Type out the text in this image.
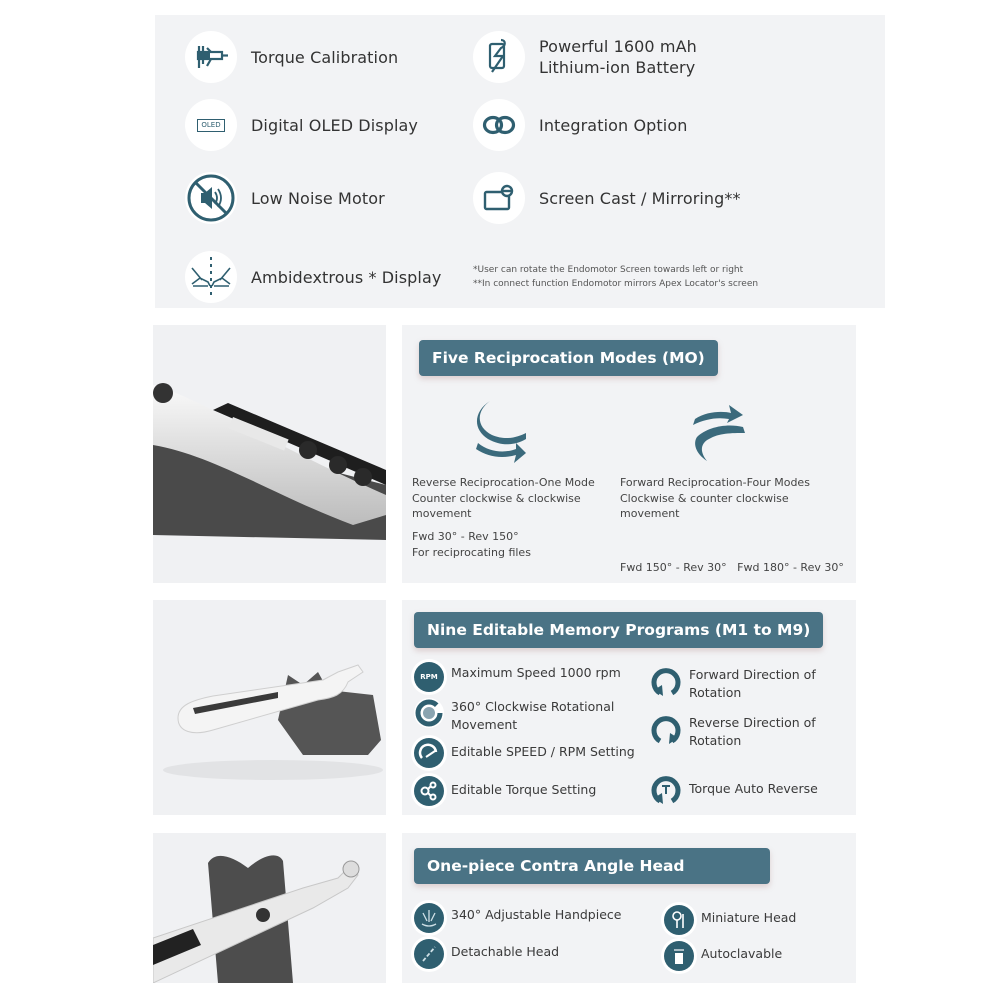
Torque Calibration
Powerful 1600 mAh
Lithium-ion Battery
OLED Digital OLED Display	Integration Option
Low Noise Motor	Screen Cast / Mirroring**
Ambidextrous * Display	*User can rotate the Endomotor Screen towards left or right
**In connect function Endomotor mirrors Apex Locator's screen
Five Reciprocation Modes (MO)
Reverse Reciprocation-One Mode
Counter clockwise & clockwise
movement
Fwd 30° - Rev 150°
For reciprocating files
Forward Reciprocation-Four Modes
Clockwise & counter clockwise
movement

Fwd 150° - Rev 30°   Fwd 180° - Rev 30°

Nine Editable Memory Programs (M1 to M9)
RPM Maximum Speed 1000 rpm
360° Clockwise Rotational
Movement
Editable SPEED / RPM Setting
Editable Torque Setting
Forward Direction of
Rotation
Reverse Direction of
Rotation
Torque Auto Reverse
One-piece Contra Angle Head
340° Adjustable Handpiece
Detachable Head
Miniature Head
Autoclavable
